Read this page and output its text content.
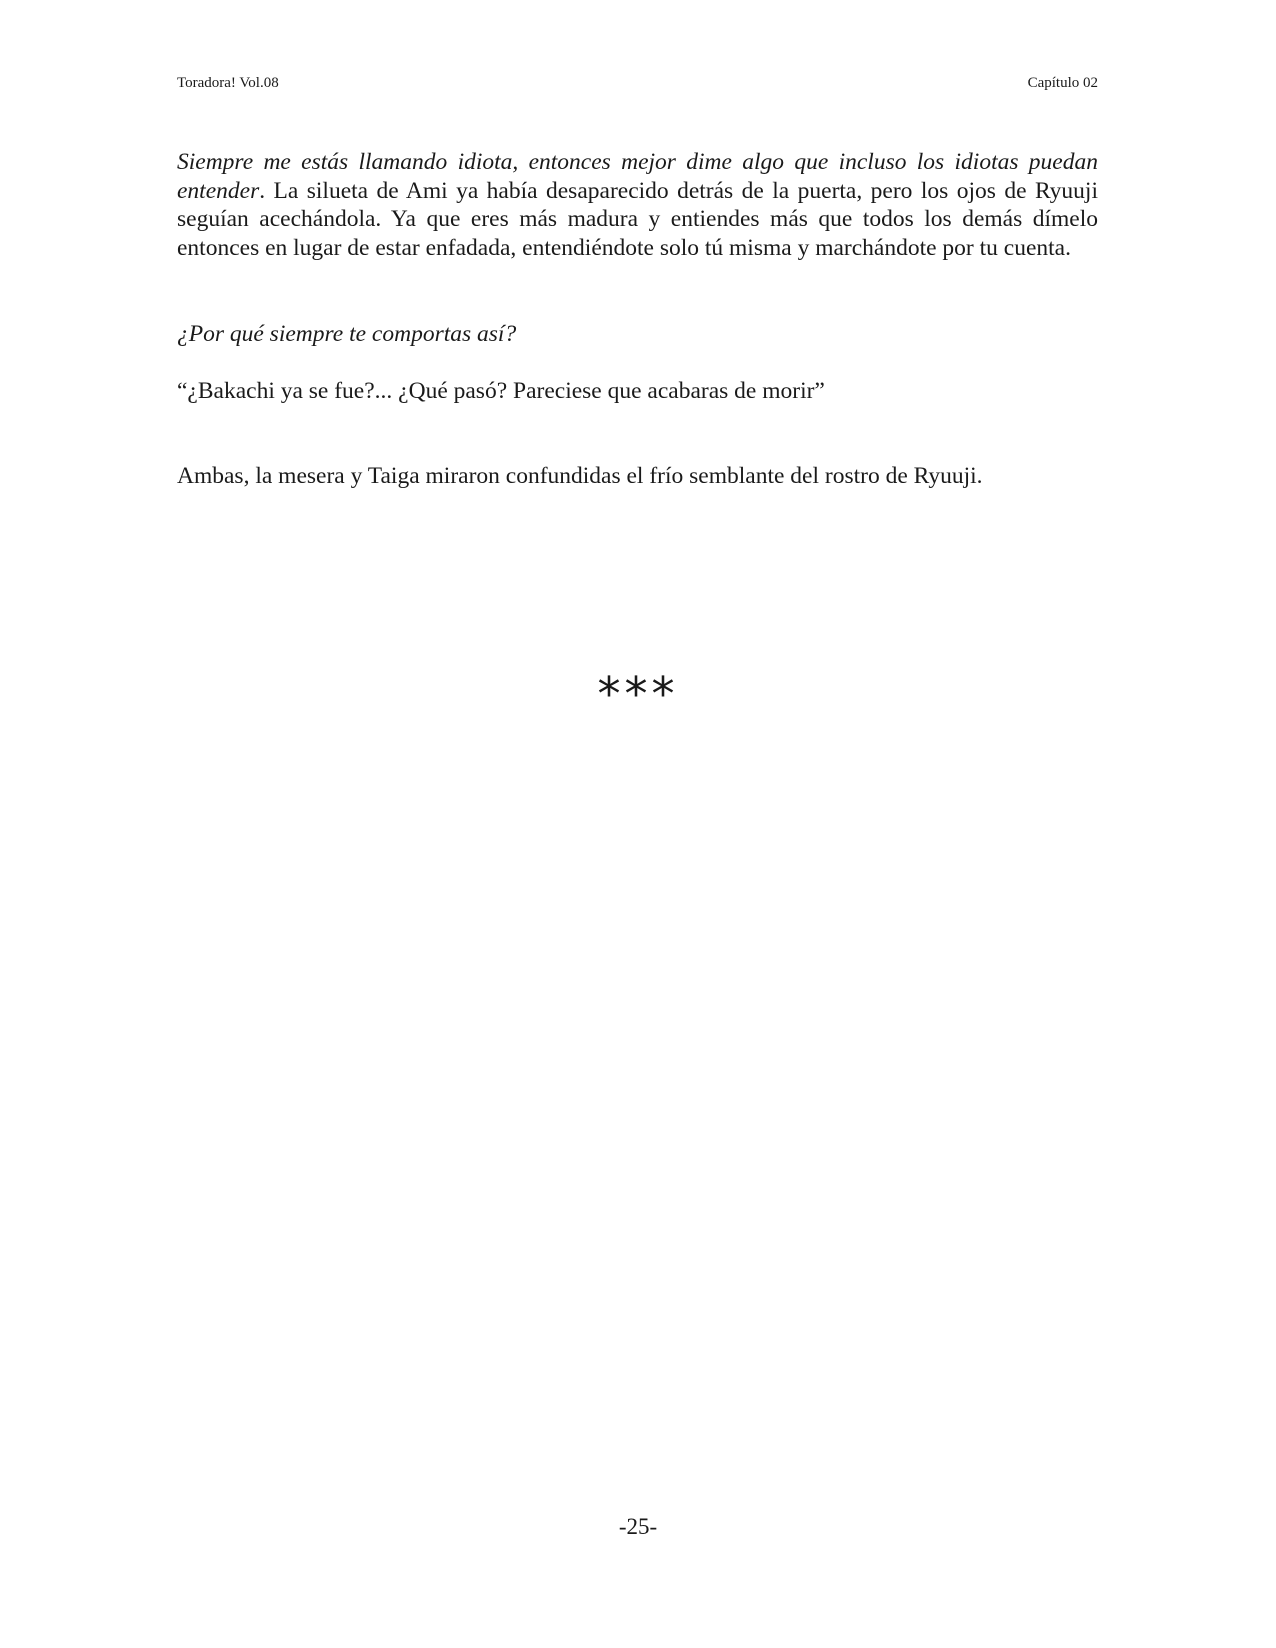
Toradora! Vol.08	Capítulo 02

Siempre me estás llamando idiota, entonces mejor dime algo que incluso los idiotas puedan entender. La silueta de Ami ya había desaparecido detrás de la puerta, pero los ojos de Ryuuji seguían acechándola. Ya que eres más madura y entiendes más que todos los demás dímelo entonces en lugar de estar enfadada, entendiéndote solo tú misma y marchándote por tu cuenta.

¿Por qué siempre te comportas así?

“¿Bakachi ya se fue?... ¿Qué pasó? Pareciese que acabaras de morir”

Ambas, la mesera y Taiga miraron confundidas el frío semblante del rostro de Ryuuji.

***
-25-
